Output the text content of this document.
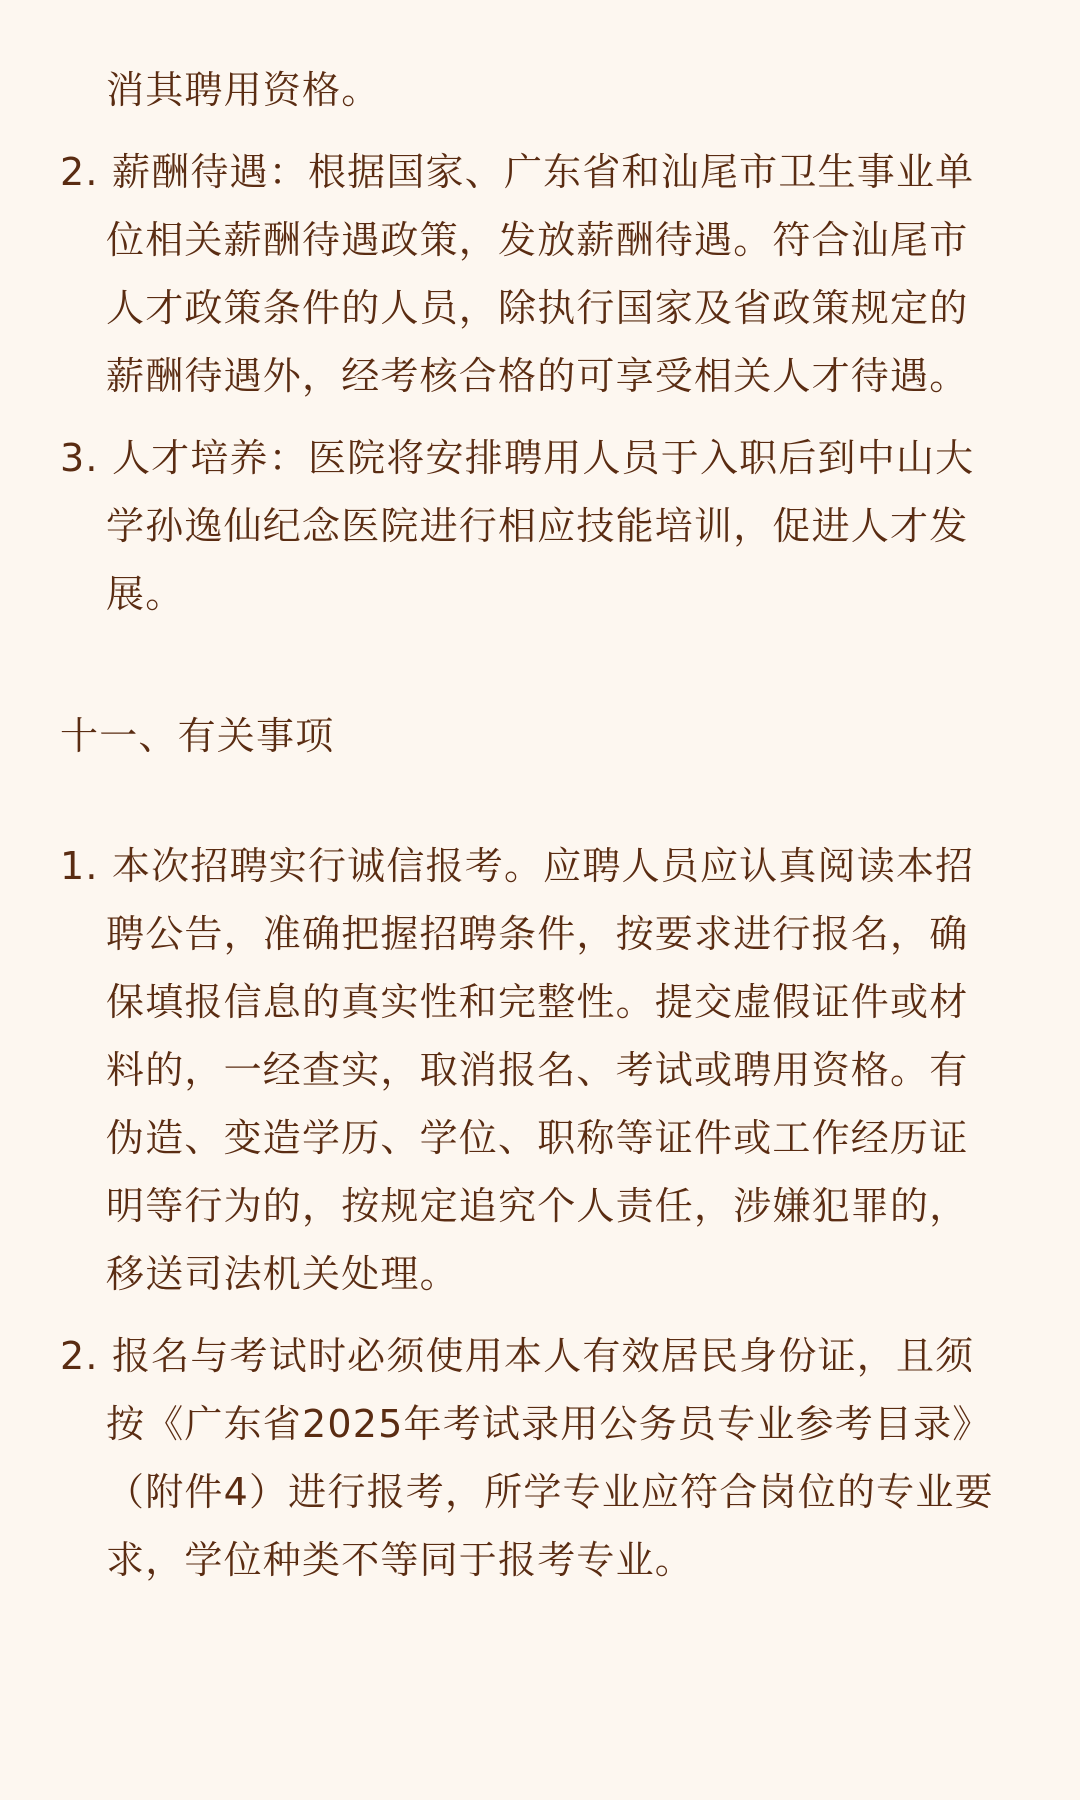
消其聘用资格。
2. 薪酬待遇：根据国家、广东省和汕尾市卫生事业单
位相关薪酬待遇政策，发放薪酬待遇。符合汕尾市
人才政策条件的人员，除执行国家及省政策规定的
薪酬待遇外，经考核合格的可享受相关人才待遇。
3. 人才培养：医院将安排聘用人员于入职后到中山大
学孙逸仙纪念医院进行相应技能培训，促进人才发
展。
十一、有关事项
1. 本次招聘实行诚信报考。应聘人员应认真阅读本招
聘公告，准确把握招聘条件，按要求进行报名，确
保填报信息的真实性和完整性。提交虚假证件或材
料的，一经查实，取消报名、考试或聘用资格。有
伪造、变造学历、学位、职称等证件或工作经历证
明等行为的，按规定追究个人责任，涉嫌犯罪的，
移送司法机关处理。
2. 报名与考试时必须使用本人有效居民身份证，且须
按《广东省2025年考试录用公务员专业参考目录》
（附件4）进行报考，所学专业应符合岗位的专业要
求，学位种类不等同于报考专业。
